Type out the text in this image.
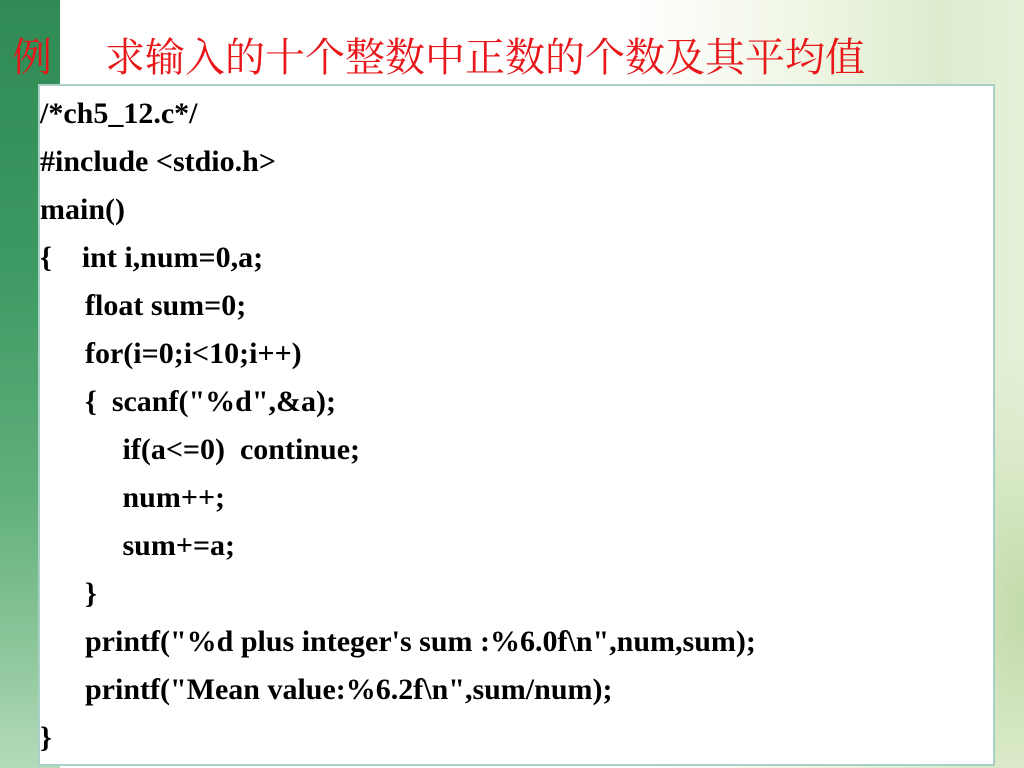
例 求输入的十个整数中正数的个数及其平均值
/*ch5_12.c*/
#include <stdio.h>
main()
{    int i,num=0,a;
float sum=0;
for(i=0;i<10;i++)
{  scanf("%d",&a);
if(a<=0)  continue;
num++;
sum+=a;
}
printf("%d plus integer's sum :%6.0f\n",num,sum);
printf("Mean value:%6.2f\n",sum/num);
}
